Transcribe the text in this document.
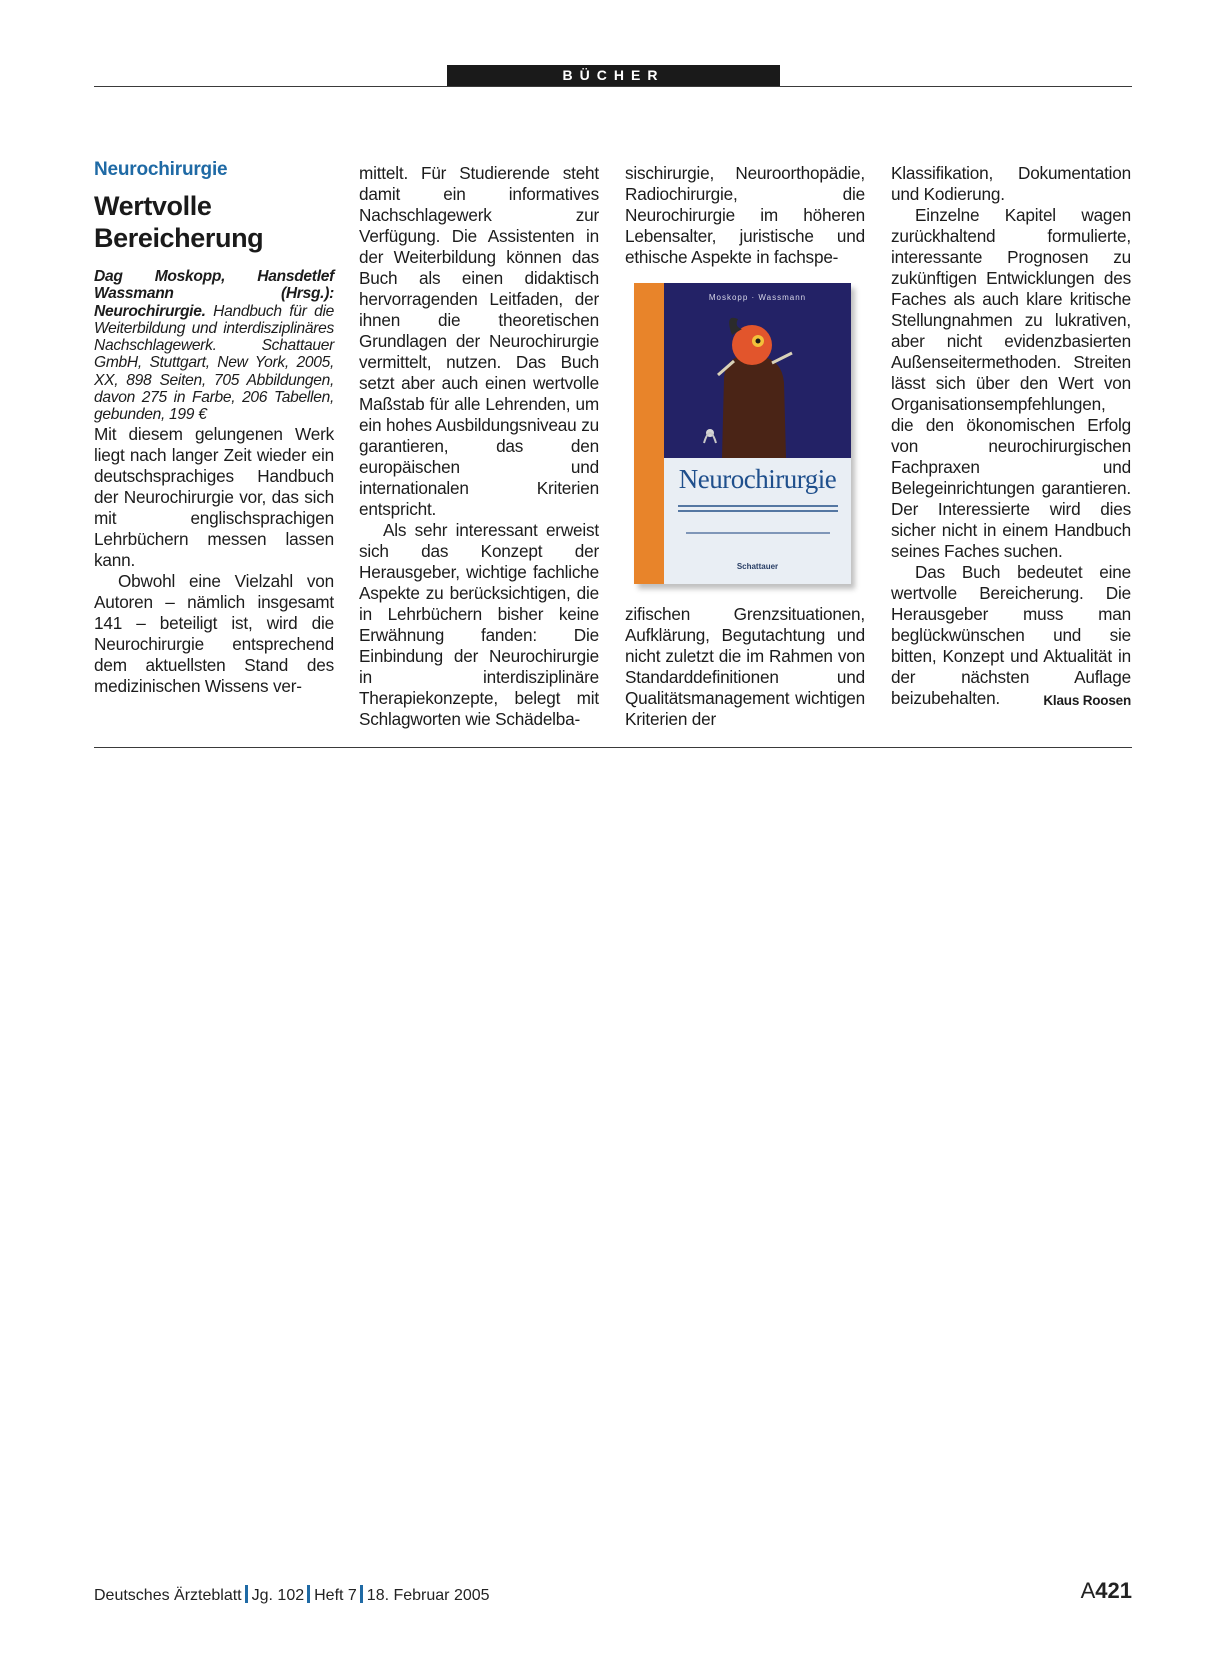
BÜCHER
Neurochirurgie
Wertvolle
Bereicherung

Dag Moskopp, Hansdetlef Wassmann (Hrsg.): Neurochirurgie. Handbuch für die Weiterbildung und interdisziplinäres Nachschlagewerk. Schattauer GmbH, Stuttgart, New York, 2005, XX, 898 Seiten, 705 Abbildungen, davon 275 in Farbe, 206 Tabellen, gebunden, 199 €

Mit diesem gelungenen Werk liegt nach langer Zeit wieder ein deutschsprachiges Handbuch der Neurochirurgie vor, das sich mit englischsprachigen Lehrbüchern messen lassen kann.

Obwohl eine Vielzahl von Autoren – nämlich insgesamt 141 – beteiligt ist, wird die Neurochirurgie entsprechend dem aktuellsten Stand des medizinischen Wissens ver-

mittelt. Für Studierende steht damit ein informatives Nachschlagewerk zur Verfügung. Die Assistenten in der Weiterbildung können das Buch als einen didaktisch hervorragenden Leitfaden, der ihnen die theoretischen Grundlagen der Neurochirurgie vermittelt, nutzen. Das Buch setzt aber auch einen wertvolle Maßstab für alle Lehrenden, um ein hohes Ausbildungsniveau zu garantieren, das den europäischen und internationalen Kriterien entspricht.

Als sehr interessant erweist sich das Konzept der Herausgeber, wichtige fachliche Aspekte zu berücksichtigen, die in Lehrbüchern bisher keine Erwähnung fanden: Die Einbindung der Neurochirurgie in interdisziplinäre Therapiekonzepte, belegt mit Schlagworten wie Schädelba-

sischirurgie, Neuroorthopädie, Radiochirurgie, die Neurochirurgie im höheren Lebensalter, juristische und ethische Aspekte in fachspe-

Moskopp · Wassmann
Neurochirurgie
Schattauer

zifischen Grenzsituationen, Aufklärung, Begutachtung und nicht zuletzt die im Rahmen von Standarddefinitionen und Qualitätsmanagement wichtigen Kriterien der

Klassifikation, Dokumentation und Kodierung.

Einzelne Kapitel wagen zurückhaltend formulierte, interessante Prognosen zu zukünftigen Entwicklungen des Faches als auch klare kritische Stellungnahmen zu lukrativen, aber nicht evidenzbasierten Außenseitermethoden. Streiten lässt sich über den Wert von Organisationsempfehlungen, die den ökonomischen Erfolg von neurochirurgischen Fachpraxen und Belegeinrichtungen garantieren. Der Interessierte wird dies sicher nicht in einem Handbuch seines Faches suchen.

Das Buch bedeutet eine wertvolle Bereicherung. Die Herausgeber muss man beglückwünschen und sie bitten, Konzept und Aktualität in der nächsten Auflage beizubehalten.	Klaus Roosen

Deutsches Ärzteblatt Jg. 102 Heft 7 18. Februar 2005	A421
